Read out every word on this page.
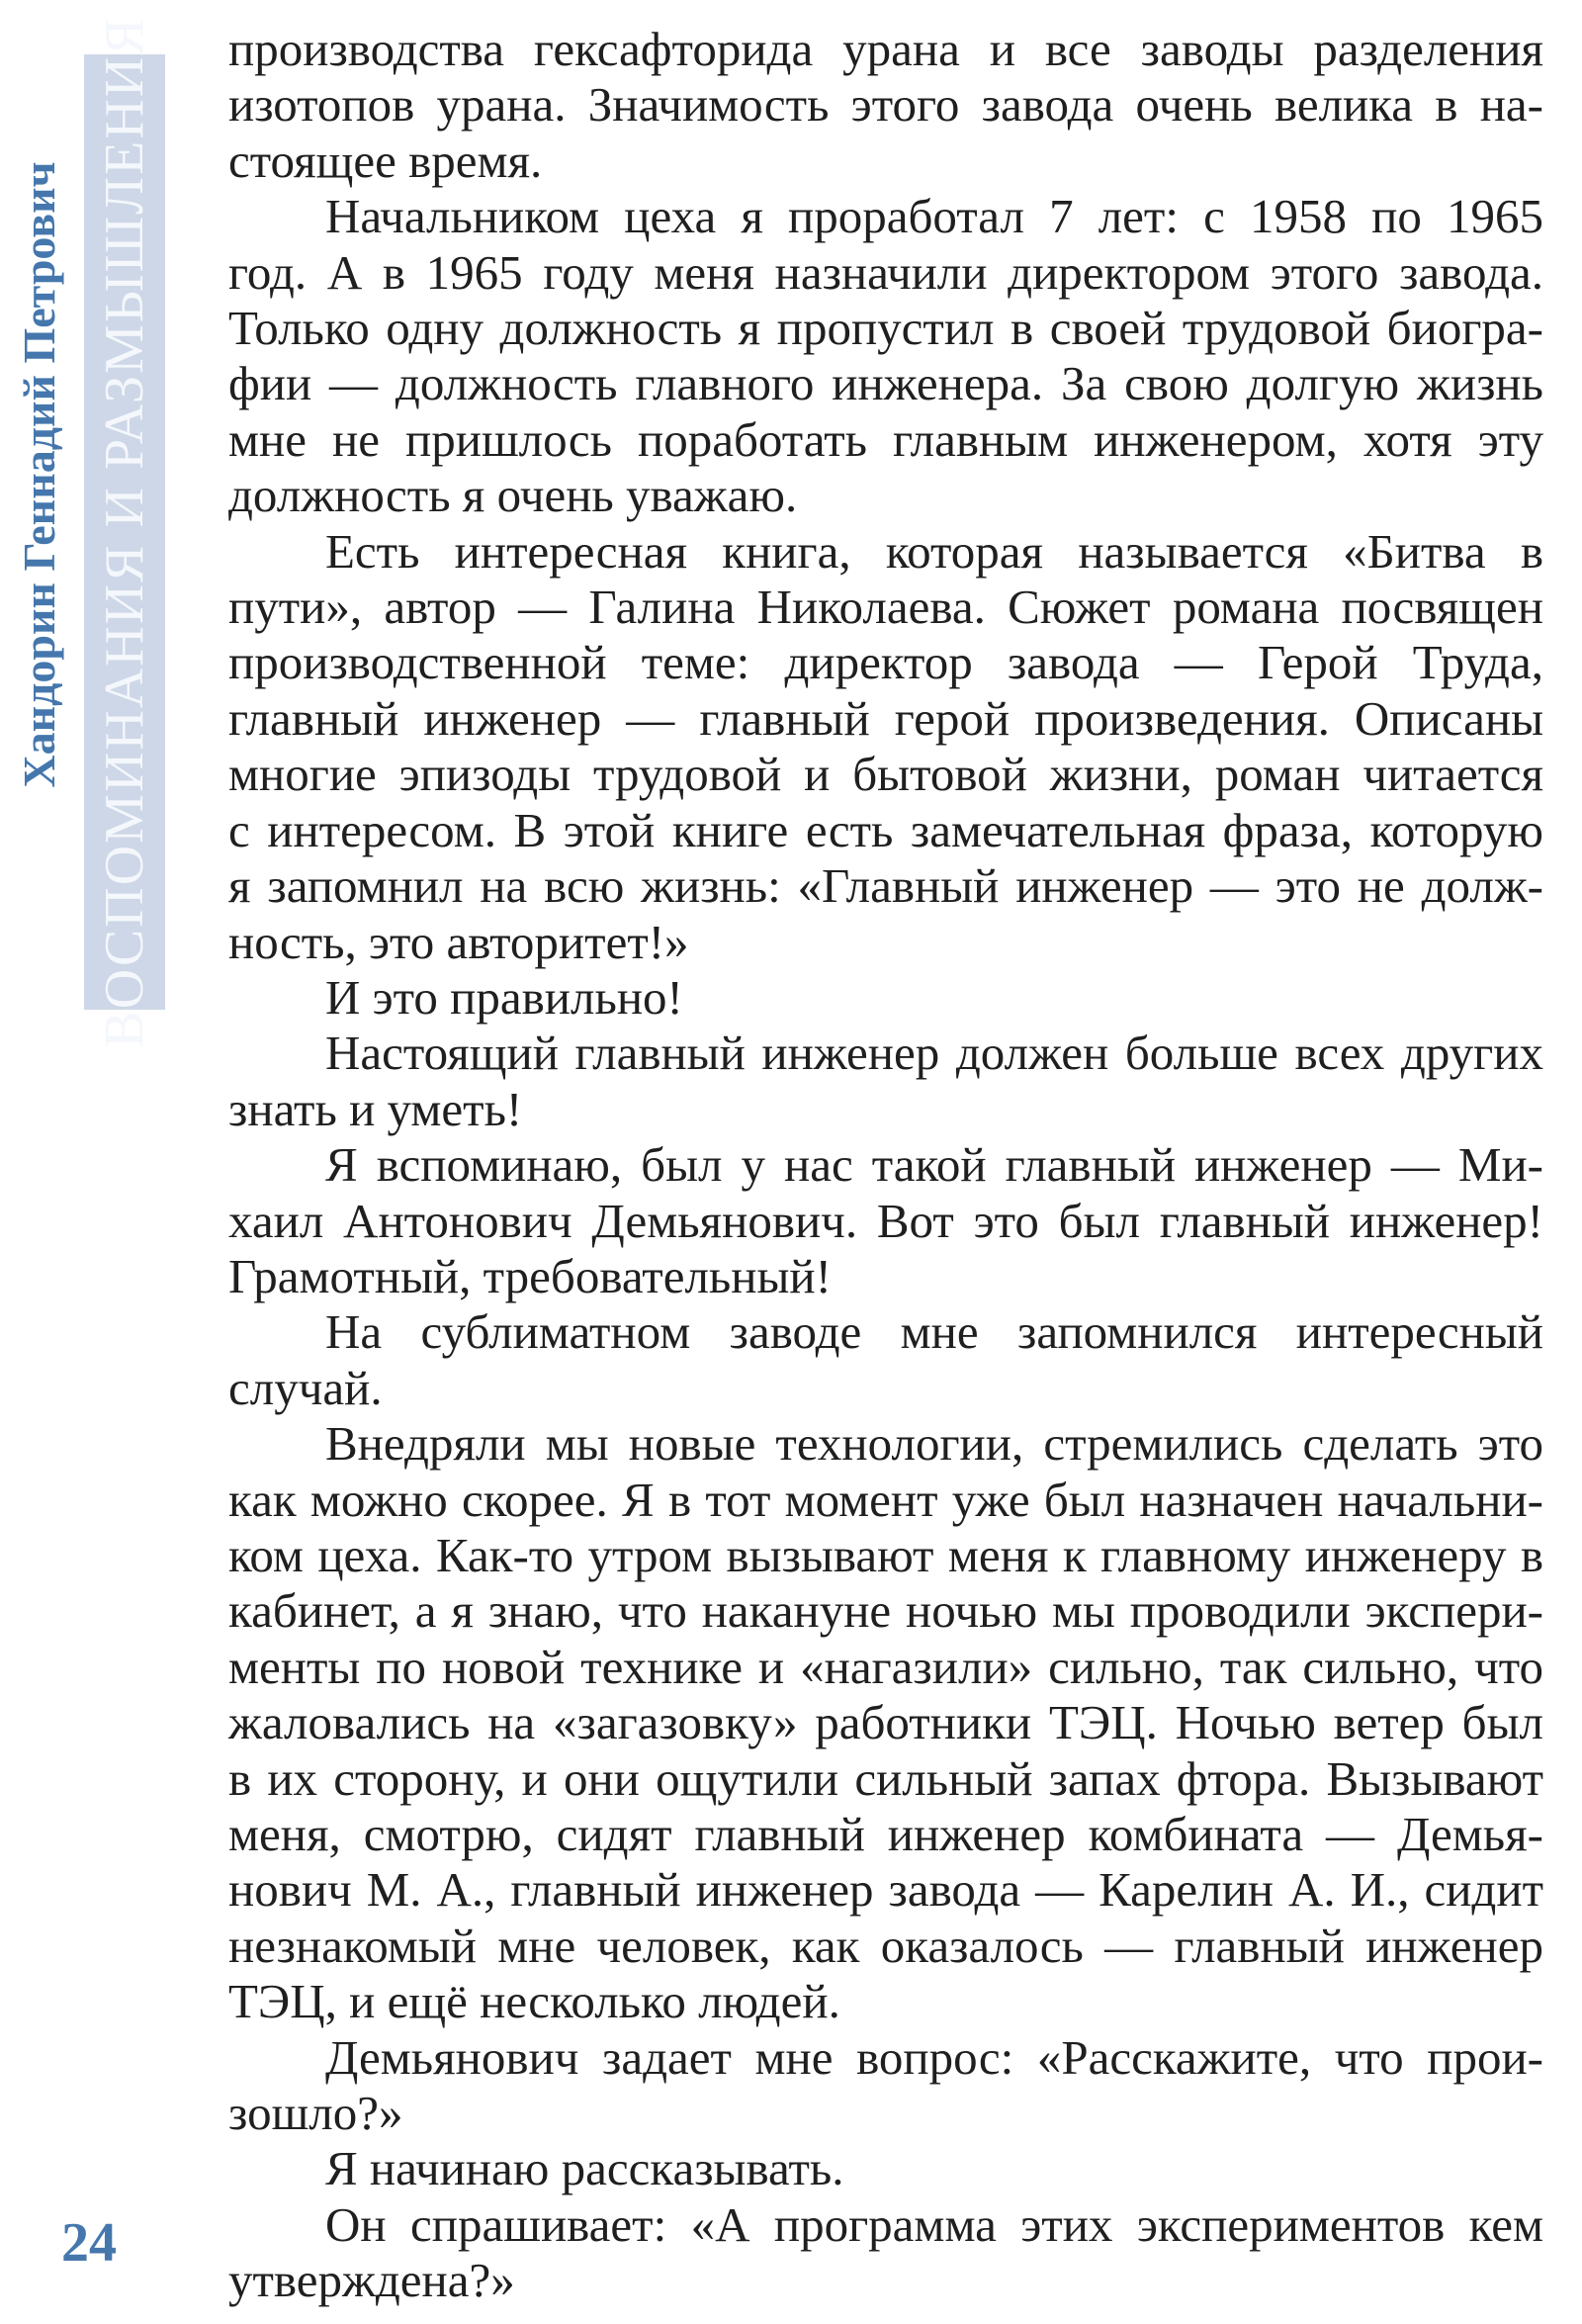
ВОСПОМИНАНИЯ И РАЗМЫШЛЕНИЯ
Хандорин Геннадий Петрович
производства гексафторида урана и все заводы разделения
изотопов урана. Значимость этого завода очень велика в на-
стоящее время.
Начальником цеха я проработал 7 лет: с 1958 по 1965
год. А в 1965 году меня назначили директором этого завода.
Только одну должность я пропустил в своей трудовой биогра-
фии — должность главного инженера. За свою долгую жизнь
мне не пришлось поработать главным инженером, хотя эту
должность я очень уважаю.
Есть интересная книга, которая называется «Битва в
пути», автор — Галина Николаева. Сюжет романа посвящен
производственной теме: директор завода — Герой Труда,
главный инженер — главный герой произведения. Описаны
многие эпизоды трудовой и бытовой жизни, роман читается
с интересом. В этой книге есть замечательная фраза, которую
я запомнил на всю жизнь: «Главный инженер — это не долж-
ность, это авторитет!»
И это правильно!
Настоящий главный инженер должен больше всех других
знать и уметь!
Я вспоминаю, был у нас такой главный инженер — Ми-
хаил Антонович Демьянович. Вот это был главный инженер!
Грамотный, требовательный!
На сублиматном заводе мне запомнился интересный
случай.
Внедряли мы новые технологии, стремились сделать это
как можно скорее. Я в тот момент уже был назначен начальни-
ком цеха. Как-то утром вызывают меня к главному инженеру в
кабинет, а я знаю, что накануне ночью мы проводили экспери-
менты по новой технике и «нагазили» сильно, так сильно, что
жаловались на «загазовку» работники ТЭЦ. Ночью ветер был
в их сторону, и они ощутили сильный запах фтора. Вызывают
меня, смотрю, сидят главный инженер комбината — Демья-
нович М. А., главный инженер завода — Карелин А. И., сидит
незнакомый мне человек, как оказалось — главный инженер
ТЭЦ, и ещё несколько людей.
Демьянович задает мне вопрос: «Расскажите, что прои-
зошло?»
Я начинаю рассказывать.
Он спрашивает: «А программа этих экспериментов кем
утверждена?»
24
